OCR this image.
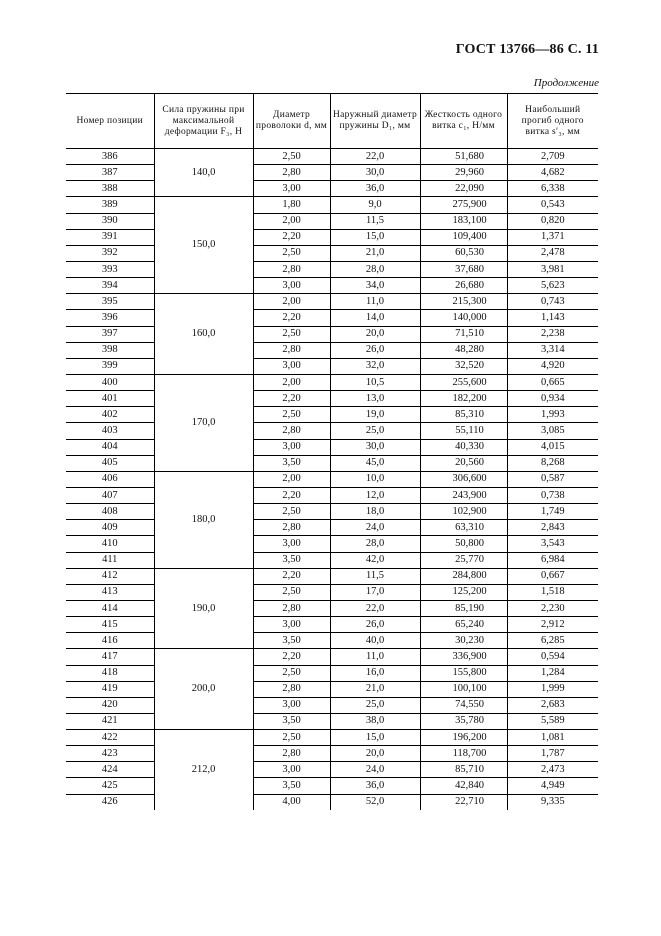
ГОСТ 13766—86 С. 11
Продолжение
Номер позиции	Сила пружины при максимальной деформации F₃, Н	Диаметр проволоки d, мм	Наружный диаметр пружины D₁, мм	Жесткость одного витка c₁, Н/мм	Наибольший прогиб одного витка s′₃, мм
386	140,0	2,50	22,0	51,680	2,709
387		2,80	30,0	29,960	4,682
388		3,00	36,0	22,090	6,338
389	150,0	1,80	9,0	275,900	0,543
390		2,00	11,5	183,100	0,820
391		2,20	15,0	109,400	1,371
392		2,50	21,0	60,530	2,478
393		2,80	28,0	37,680	3,981
394		3,00	34,0	26,680	5,623
395	160,0	2,00	11,0	215,300	0,743
396		2,20	14,0	140,000	1,143
397		2,50	20,0	71,510	2,238
398		2,80	26,0	48,280	3,314
399		3,00	32,0	32,520	4,920
400	170,0	2,00	10,5	255,600	0,665
401		2,20	13,0	182,200	0,934
402		2,50	19,0	85,310	1,993
403		2,80	25,0	55,110	3,085
404		3,00	30,0	40,330	4,015
405		3,50	45,0	20,560	8,268
406	180,0	2,00	10,0	306,600	0,587
407		2,20	12,0	243,900	0,738
408		2,50	18,0	102,900	1,749
409		2,80	24,0	63,310	2,843
410		3,00	28,0	50,800	3,543
411		3,50	42,0	25,770	6,984
412	190,0	2,20	11,5	284,800	0,667
413		2,50	17,0	125,200	1,518
414		2,80	22,0	85,190	2,230
415		3,00	26,0	65,240	2,912
416		3,50	40,0	30,230	6,285
417	200,0	2,20	11,0	336,900	0,594
418		2,50	16,0	155,800	1,284
419		2,80	21,0	100,100	1,999
420		3,00	25,0	74,550	2,683
421		3,50	38,0	35,780	5,589
422	212,0	2,50	15,0	196,200	1,081
423		2,80	20,0	118,700	1,787
424		3,00	24,0	85,710	2,473
425		3,50	36,0	42,840	4,949
426		4,00	52,0	22,710	9,335
